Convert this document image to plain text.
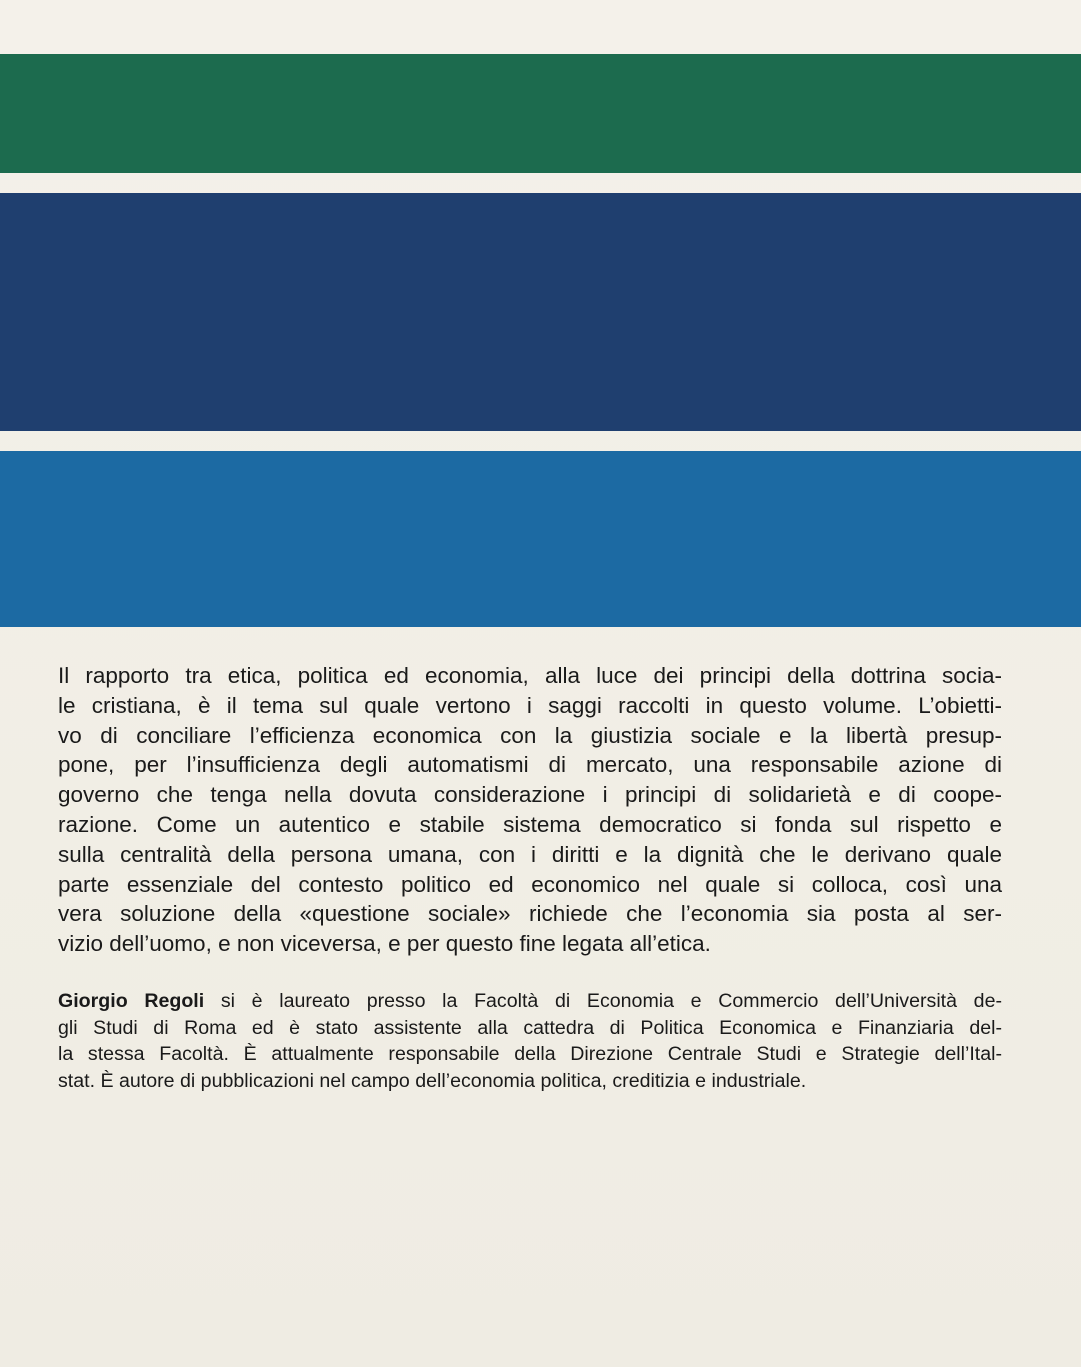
Il rapporto tra etica, politica ed economia, alla luce dei principi della dottrina socia-
le cristiana, è il tema sul quale vertono i saggi raccolti in questo volume. L’obietti-
vo di conciliare l’efficienza economica con la giustizia sociale e la libertà presup-
pone, per l’insufficienza degli automatismi di mercato, una responsabile azione di
governo che tenga nella dovuta considerazione i principi di solidarietà e di coope-
razione. Come un autentico e stabile sistema democratico si fonda sul rispetto e
sulla centralità della persona umana, con i diritti e la dignità che le derivano quale
parte essenziale del contesto politico ed economico nel quale si colloca, così una
vera soluzione della «questione sociale» richiede che l’economia sia posta al ser-
vizio dell’uomo, e non viceversa, e per questo fine legata all’etica.
Giorgio Regoli si è laureato presso la Facoltà di Economia e Commercio dell’Università de-
gli Studi di Roma ed è stato assistente alla cattedra di Politica Economica e Finanziaria del-
la stessa Facoltà. È attualmente responsabile della Direzione Centrale Studi e Strategie dell’Ital-
stat. È autore di pubblicazioni nel campo dell’economia politica, creditizia e industriale.
